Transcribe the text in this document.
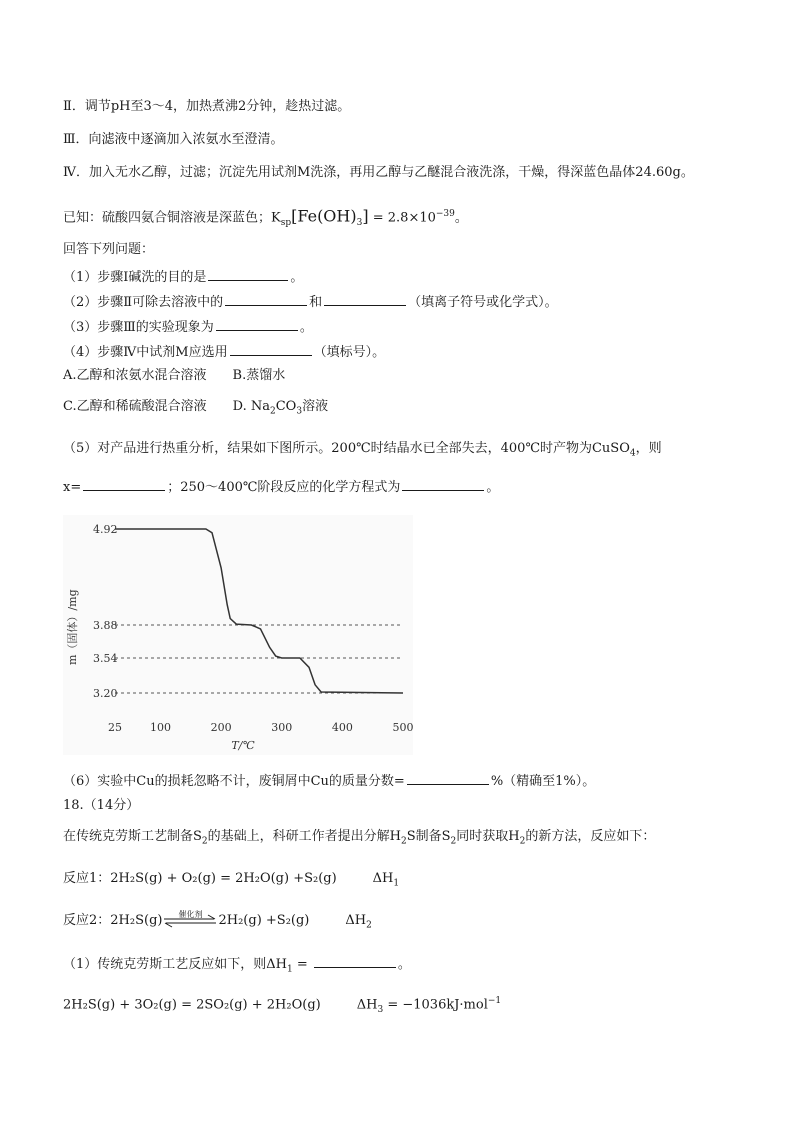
Ⅱ．调节pH至3～4，加热煮沸2分钟，趁热过滤。
Ⅲ．向滤液中逐滴加入浓氨水至澄清。
Ⅳ．加入无水乙醇，过滤；沉淀先用试剂M洗涤，再用乙醇与乙醚混合液洗涤，干燥，得深蓝色晶体24.60g。
已知：硫酸四氨合铜溶液是深蓝色；$K_{sp}[Fe(OH)_3] = 2.8\times 10^{-39}$。
回答下列问题：
（1）步骤Ⅰ碱洗的目的是	。
（2）步骤Ⅱ可除去溶液中的	和	（填离子符号或化学式）。
（3）步骤Ⅲ的实验现象为	。
（4）步骤Ⅳ中试剂M应选用	（填标号）。
A.乙醇和浓氨水混合溶液 B.蒸馏水
C.乙醇和稀硫酸混合溶液 D. $Na_2CO_3$溶液
（5）对产品进行热重分析，结果如下图所示。200℃时结晶水已全部失去，400℃时产物为CuSO$_4$，则
x=	；250～400℃阶段反应的化学方程式为	。
4.92
3.88
3.54
3.20
25	100	200	300	400	500
m（固体）/mg
T/℃
（6）实验中Cu的损耗忽略不计，废铜屑中Cu的质量分数=	%（精确至1%）。
18.（14分）
在传统克劳斯工艺制备$S_2$的基础上，科研工作者提出分解$H_2S$制备$S_2$同时获取$H_2$的新方法，反应如下：
反应1：2H₂S(g) + O₂(g) = 2H₂O(g) +S₂(g)	$\Delta H_1$
反应2：2H₂S(g)	催化剂	2H₂(g) +S₂(g)	$\Delta H_2$
（1）传统克劳斯工艺反应如下，则$\Delta H_1$ =	。
2H₂S(g) + 3O₂(g) = 2SO₂(g) + 2H₂O(g)	$\Delta H_3 = -1036kJ\cdot mol^{-1}$
